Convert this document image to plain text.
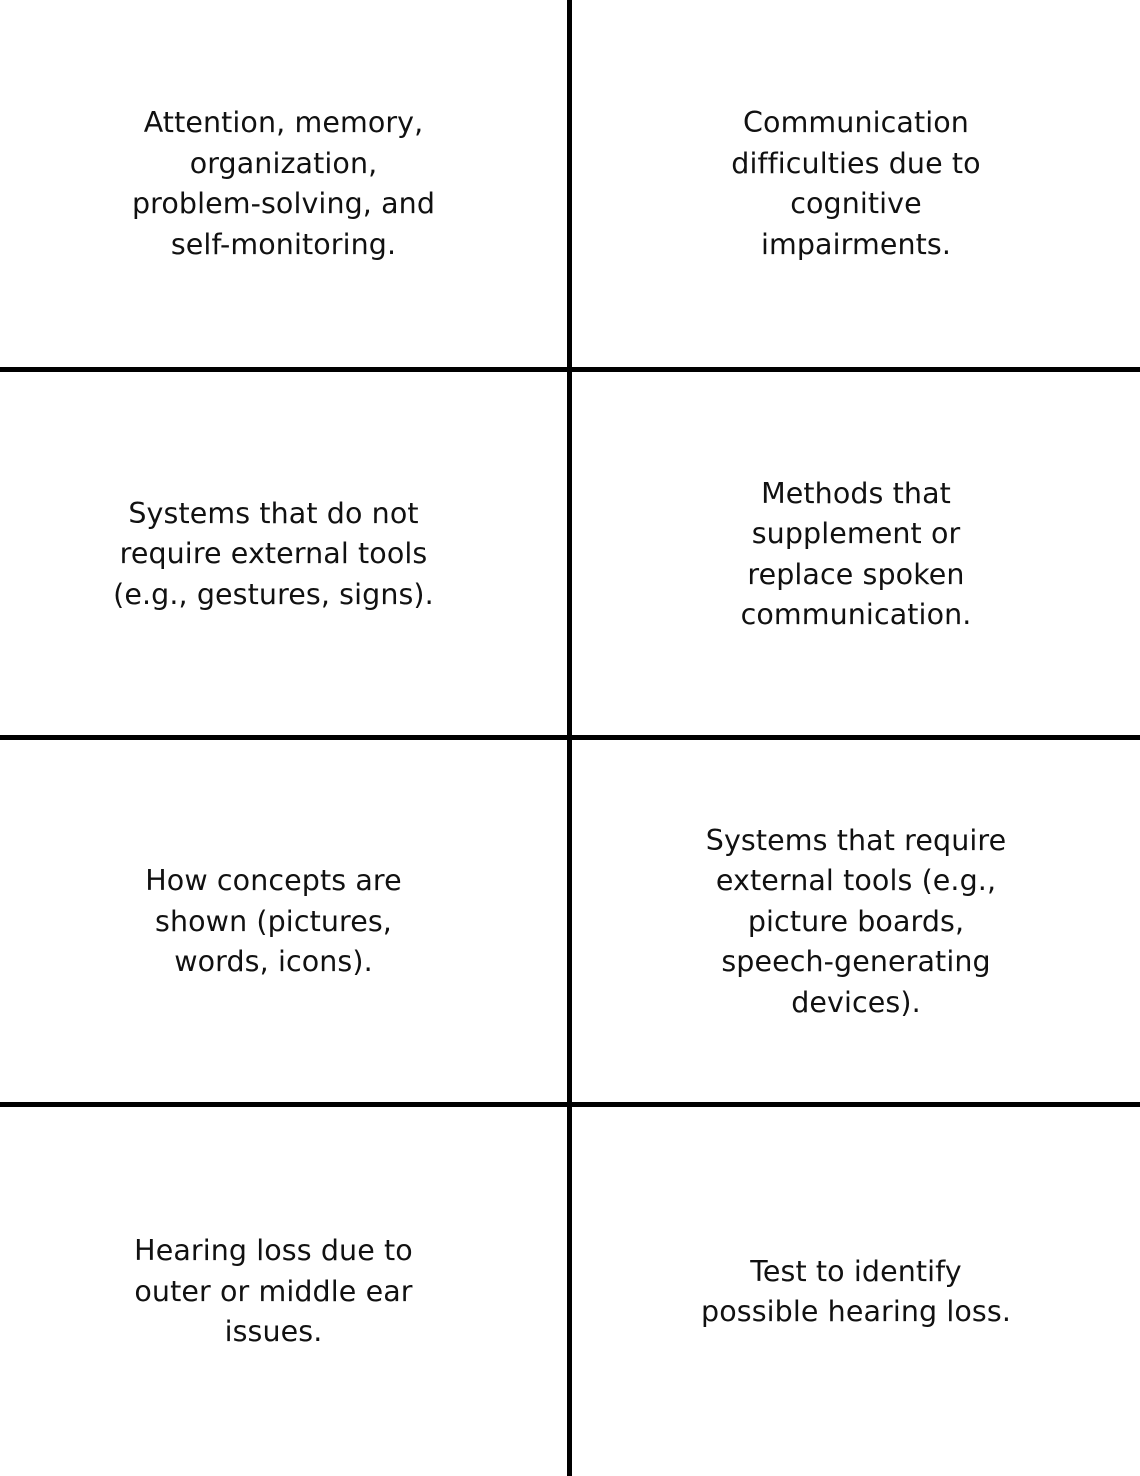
Attention, memory,
organization,
problem-solving, and
self-monitoring.
Communication
difficulties due to
cognitive
impairments.
Systems that do not
require external tools
(e.g., gestures, signs).
Methods that
supplement or
replace spoken
communication.
How concepts are
shown (pictures,
words, icons).
Systems that require
external tools (e.g.,
picture boards,
speech-generating
devices).
Hearing loss due to
outer or middle ear
issues.
Test to identify
possible hearing loss.
